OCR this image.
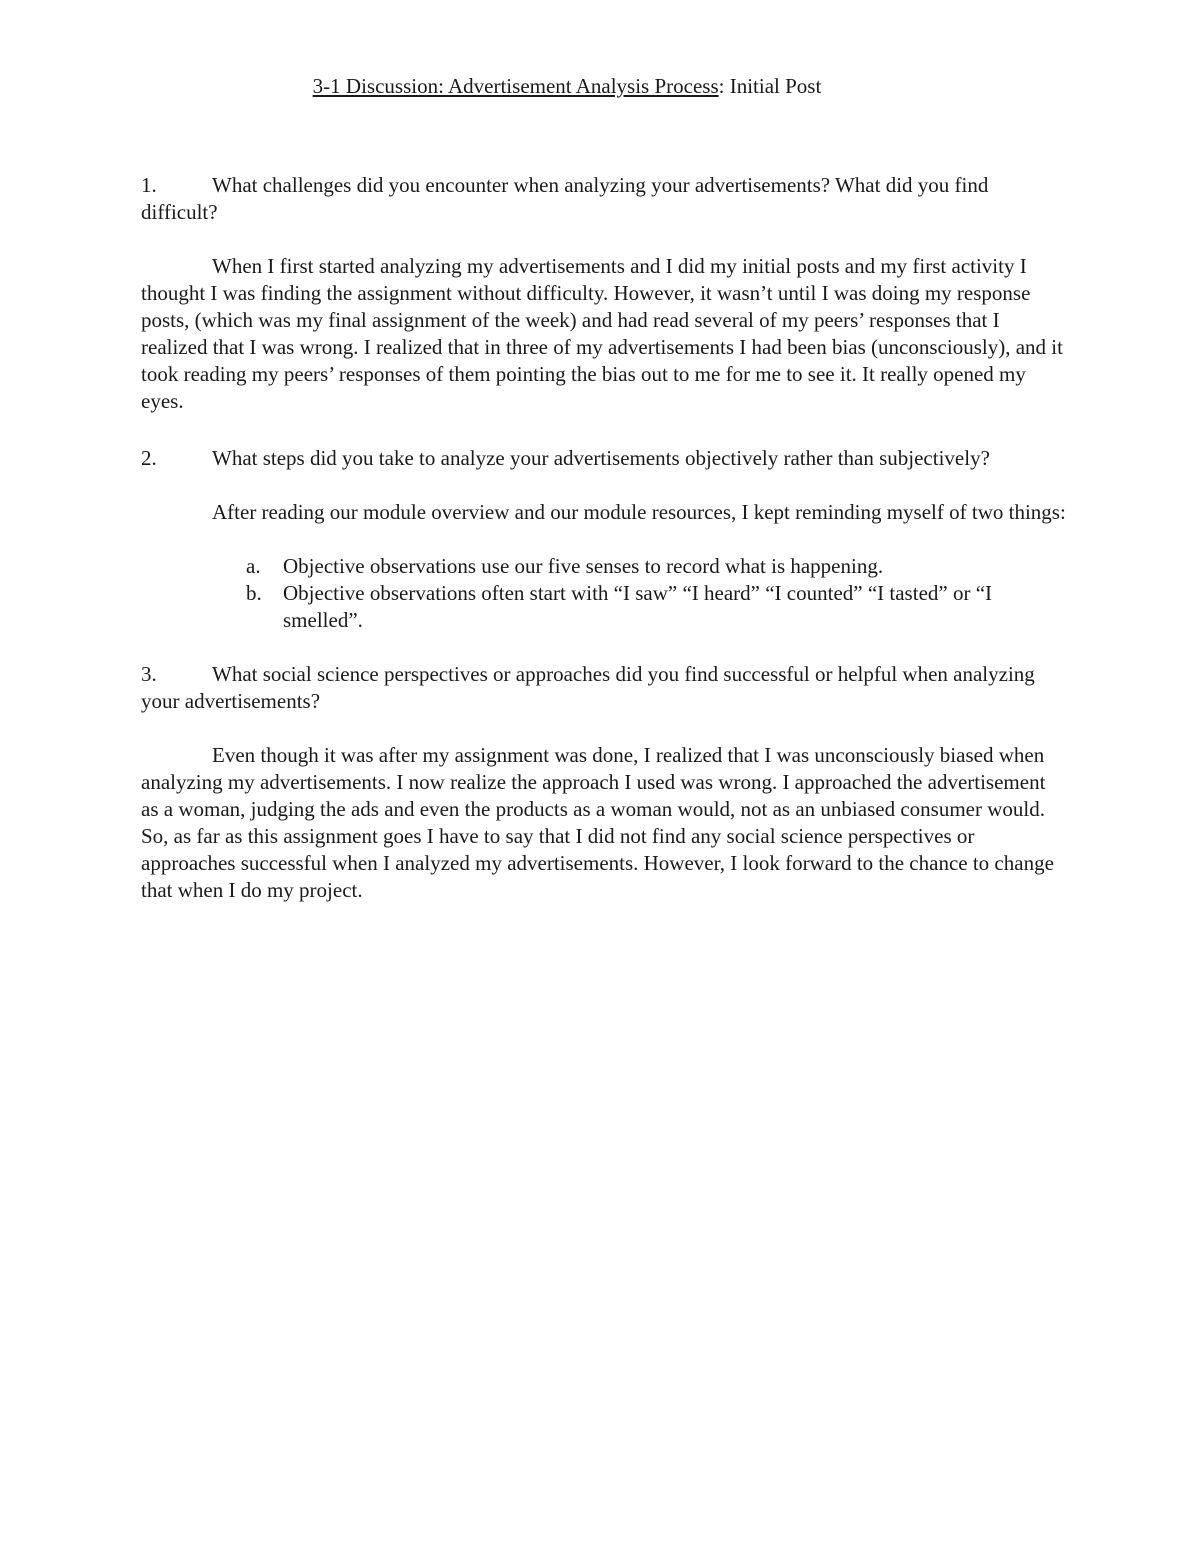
3-1 Discussion: Advertisement Analysis Process: Initial Post

1.	What challenges did you encounter when analyzing your advertisements? What did you find difficult?

When I first started analyzing my advertisements and I did my initial posts and my first activity I thought I was finding the assignment without difficulty. However, it wasn’t until I was doing my response posts, (which was my final assignment of the week) and had read several of my peers’ responses that I realized that I was wrong. I realized that in three of my advertisements I had been bias (unconsciously), and it took reading my peers’ responses of them pointing the bias out to me for me to see it. It really opened my eyes.

2.	What steps did you take to analyze your advertisements objectively rather than subjectively?

After reading our module overview and our module resources, I kept reminding myself of two things:

a. Objective observations use our five senses to record what is happening.
b. Objective observations often start with “I saw” “I heard” “I counted” “I tasted” or “I smelled”.

3.	What social science perspectives or approaches did you find successful or helpful when analyzing your advertisements?

Even though it was after my assignment was done, I realized that I was unconsciously biased when analyzing my advertisements. I now realize the approach I used was wrong. I approached the advertisement as a woman, judging the ads and even the products as a woman would, not as an unbiased consumer would. So, as far as this assignment goes I have to say that I did not find any social science perspectives or approaches successful when I analyzed my advertisements. However, I look forward to the chance to change that when I do my project.
